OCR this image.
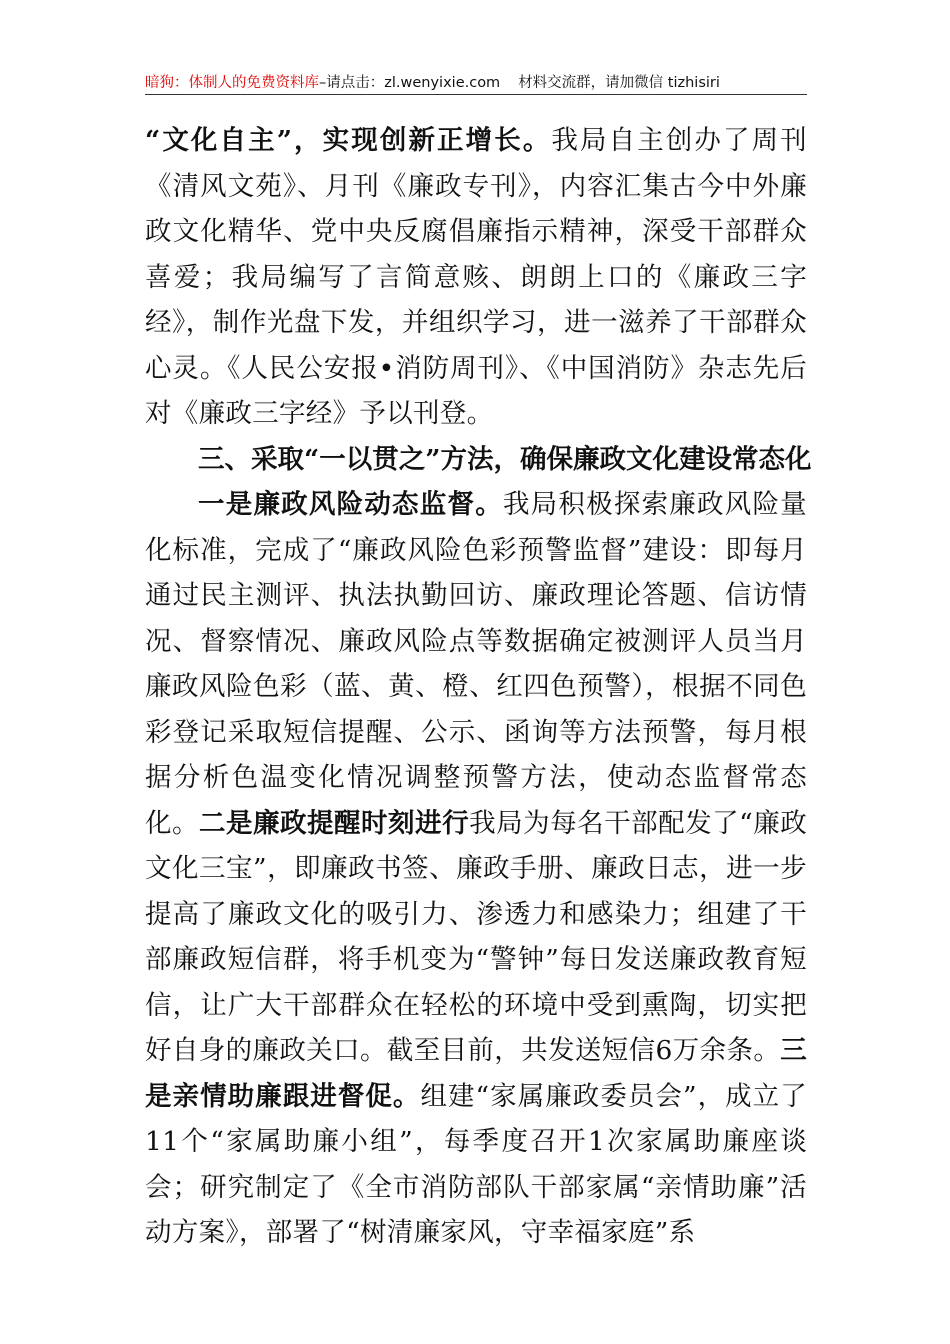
暗狗：体制人的免费资料库 –请点击：zl.wenyixie.com 材料交流群，请加微信 tizhisiri

“文化自主”，实现创新正增长。我局自主创办了周刊《清风文苑》、月刊《廉政专刊》，内容汇集古今中外廉政文化精华、党中央反腐倡廉指示精神，深受干部群众喜爱；我局编写了言简意赅、朗朗上口的《廉政三字经》，制作光盘下发，并组织学习，进一滋养了干部群众心灵。《人民公安报•消防周刊》、《中国消防》杂志先后对《廉政三字经》予以刊登。

三、采取“一以贯之”方法，确保廉政文化建设常态化

一是廉政风险动态监督。我局积极探索廉政风险量化标准，完成了“廉政风险色彩预警监督”建设：即每月通过民主测评、执法执勤回访、廉政理论答题、信访情况、督察情况、廉政风险点等数据确定被测评人员当月廉政风险色彩（蓝、黄、橙、红四色预警），根据不同色彩登记采取短信提醒、公示、函询等方法预警，每月根据分析色温变化情况调整预警方法，使动态监督常态化。二是廉政提醒时刻进行我局为每名干部配发了“廉政文化三宝”，即廉政书签、廉政手册、廉政日志，进一步提高了廉政文化的吸引力、渗透力和感染力；组建了干部廉政短信群，将手机变为“警钟”每日发送廉政教育短信，让广大干部群众在轻松的环境中受到熏陶，切实把好自身的廉政关口。截至目前，共发送短信6万余条。三是亲情助廉跟进督促。组建“家属廉政委员会”，成立了11个“家属助廉小组”，每季度召开1次家属助廉座谈会；研究制定了《全市消防部队干部家属“亲情助廉”活动方案》，部署了“树清廉家风，守幸福家庭”系
